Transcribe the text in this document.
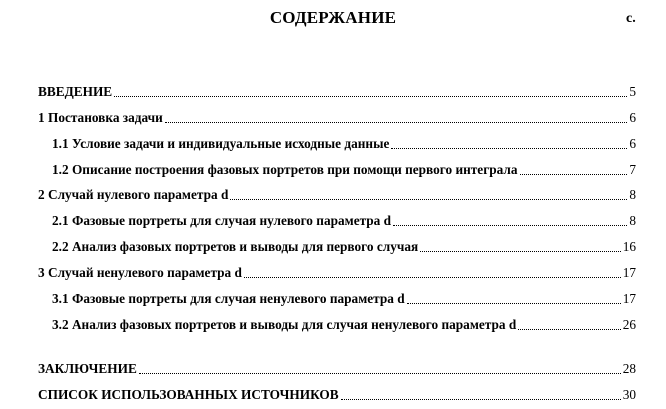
СОДЕРЖАНИЕ	с.
ВВЕДЕНИЕ	5
1 Постановка задачи	6
1.1 Условие задачи и индивидуальные исходные данные	6
1.2 Описание построения фазовых портретов при помощи первого интеграла	7
2 Случай нулевого параметра d	8
2.1 Фазовые портреты для случая нулевого параметра d	8
2.2 Анализ фазовых портретов и выводы для первого случая	16
3 Случай ненулевого параметра d	17
3.1 Фазовые портреты для случая ненулевого параметра d	17
3.2 Анализ фазовых портретов и выводы для случая ненулевого параметра d	26
ЗАКЛЮЧЕНИЕ	28
СПИСОК ИСПОЛЬЗОВАННЫХ ИСТОЧНИКОВ	30
